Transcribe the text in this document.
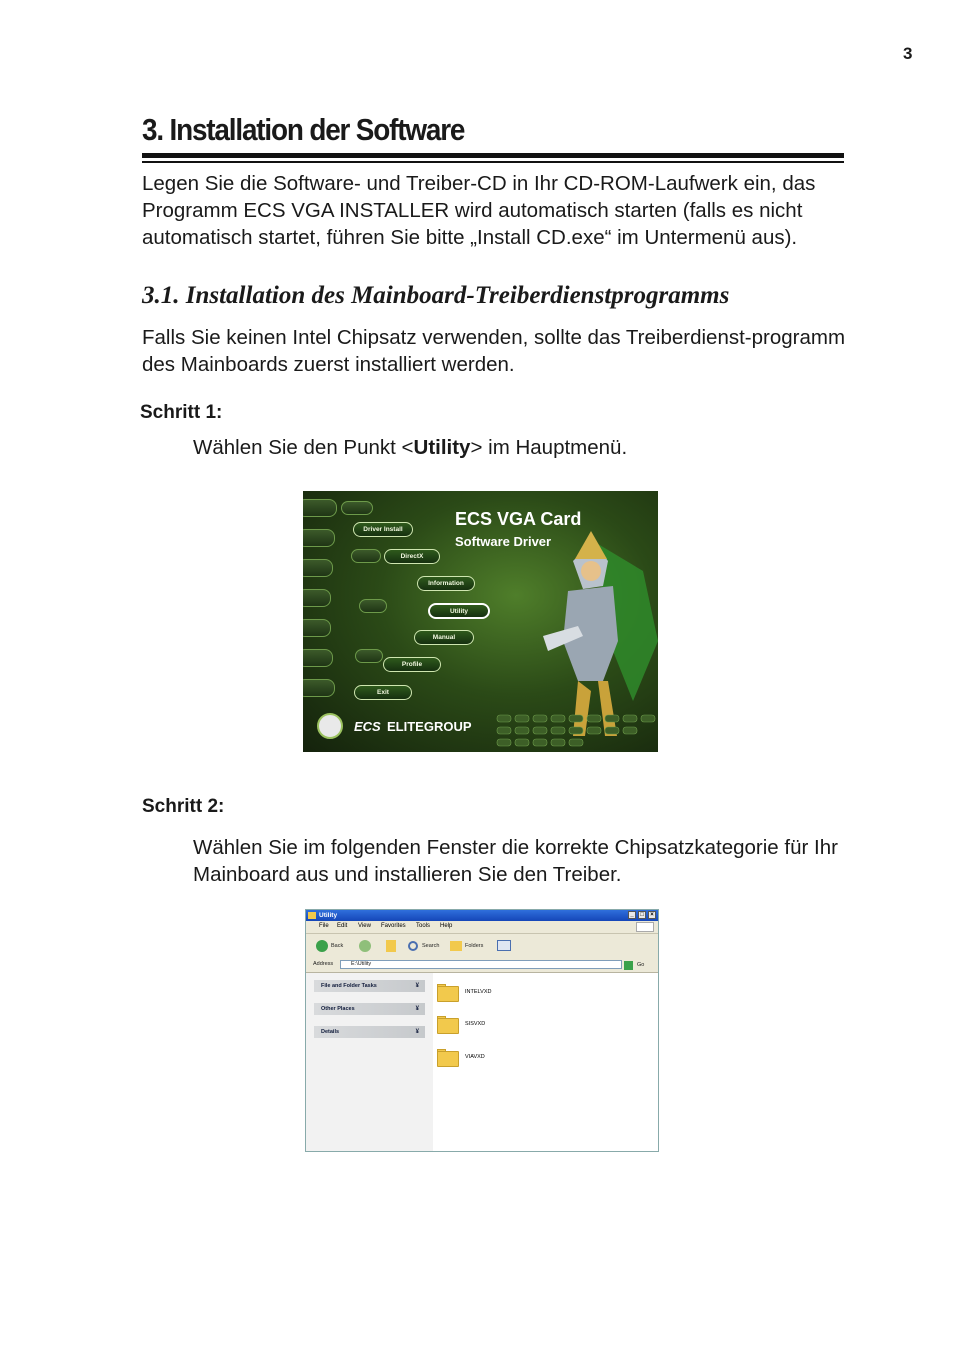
3
3. Installation der Software
Legen Sie die Software- und Treiber-CD in Ihr CD-ROM-Laufwerk ein, das Programm ECS VGA INSTALLER wird automatisch starten (falls es nicht automatisch startet, führen Sie bitte „Install CD.exe“ im Untermenü aus).
3.1. Installation des Mainboard-Treiberdienstprogramms
Falls Sie keinen Intel Chipsatz verwenden, sollte das Treiberdienst-programm des Mainboards zuerst installiert werden.
Schritt 1:
Wählen Sie den Punkt <Utility> im Hauptmenü.
ECS VGA Card
Software Driver
Driver Install
DirectX
Information
Utility
Manual
Profile
Exit
ECS ELITEGROUP
Schritt 2:
Wählen Sie im folgenden Fenster die korrekte Chipsatzkategorie für Ihr Mainboard aus und installieren Sie den Treiber.
Utility	_	□	×
File Edit View Favorites Tools Help
Back	Search	Folders
Address	E:\Utility	Go
File and Folder Tasks	¥
Other Places	¥
Details	¥
INTELVXD
SISVXD
VIAVXD
